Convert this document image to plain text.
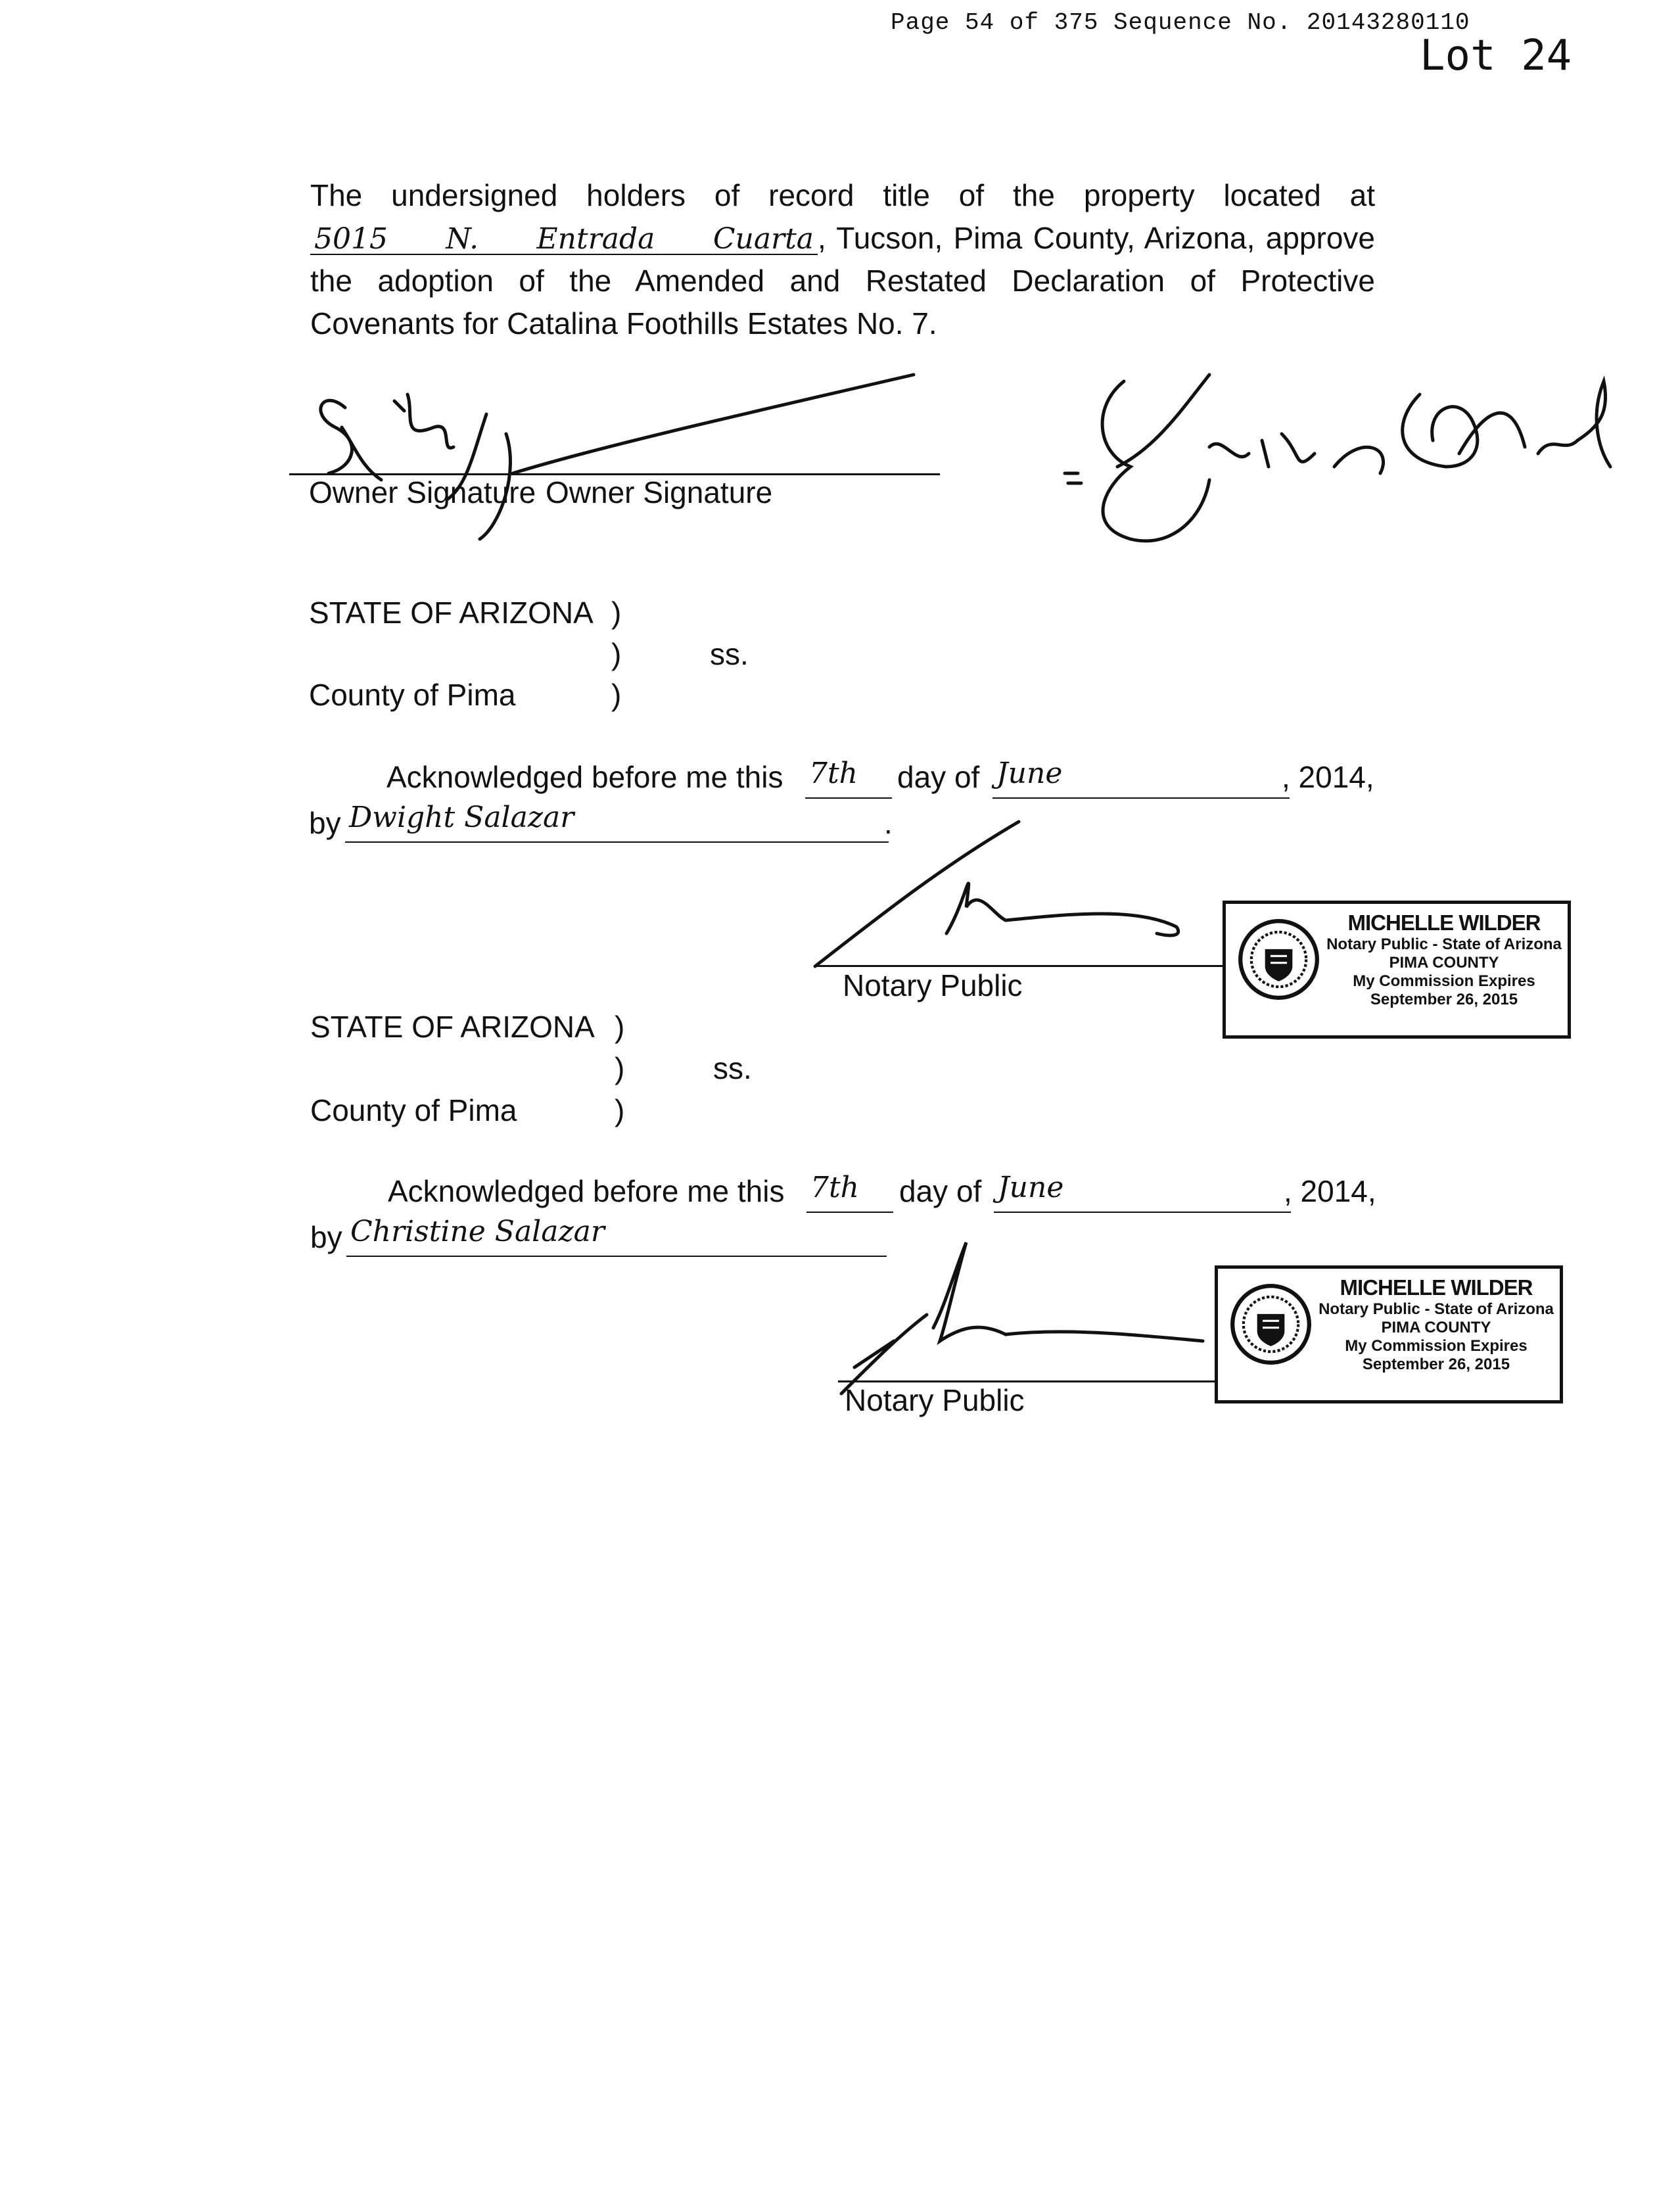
Page 54 of 375 Sequence No. 20143280110
Lot 24
The undersigned holders of record title of the property located at
5015 N. Entrada Cuarta , Tucson, Pima County, Arizona, approve
the adoption of the Amended and Restated Declaration of Protective
Covenants for Catalina Foothills Estates No. 7.
Owner Signature Owner Signature
STATE OF ARIZONA )
)	ss.
County of Pima	)
Acknowledged before me this 7th	day of June	, 2014,
by Dwight Salazar	.
Notary Public
MICHELLE WILDER
Notary Public - State of Arizona
PIMA COUNTY
My Commission Expires
September 26, 2015
STATE OF ARIZONA )
)	ss.
County of Pima	)
Acknowledged before me this 7th	day of June	, 2014,
by Christine Salazar
Notary Public
MICHELLE WILDER
Notary Public - State of Arizona
PIMA COUNTY
My Commission Expires
September 26, 2015
